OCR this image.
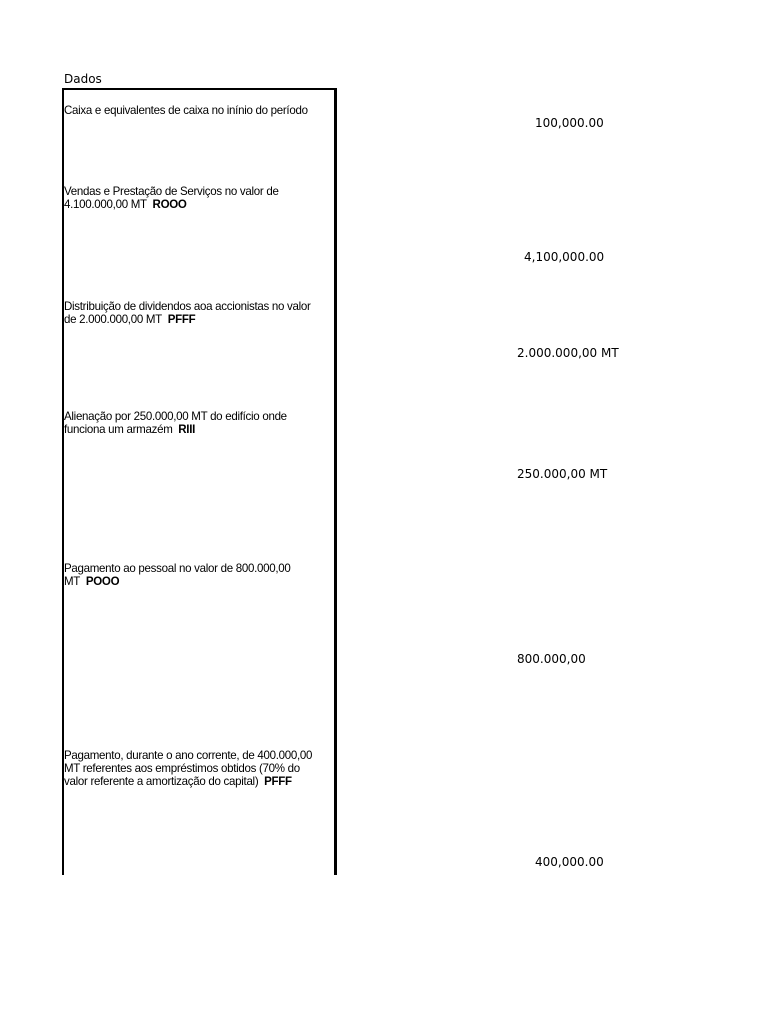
Dados
Caixa e equivalentes de caixa no inínio do período
100,000.00
Vendas e Prestação de Serviços no valor de 4.100.000,00 MT ROOO
4,100,000.00
Distribuição de dividendos aoa accionistas no valor de 2.000.000,00 MT PFFF
2.000.000,00 MT
Alienação por 250.000,00 MT do edifício onde funciona um armazém RIII
250.000,00 MT
Pagamento ao pessoal no valor de 800.000,00 MT POOO
800.000,00
Pagamento, durante o ano corrente, de 400.000,00 MT referentes aos empréstimos obtidos (70% do valor referente a amortização do capital) PFFF
400,000.00
